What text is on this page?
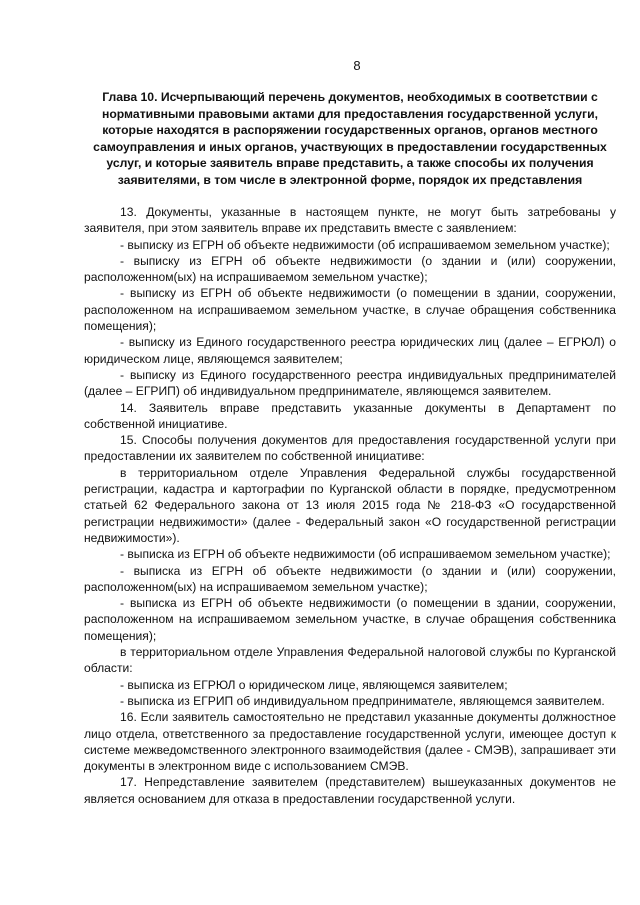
8
Глава 10. Исчерпывающий перечень документов, необходимых в соответствии с нормативными правовыми актами для предоставления государственной услуги, которые находятся в распоряжении государственных органов, органов местного самоуправления и иных органов, участвующих в предоставлении государственных услуг, и которые заявитель вправе представить, а также способы их получения заявителями, в том числе в электронной форме, порядок их представления

13. Документы, указанные в настоящем пункте, не могут быть затребованы у заявителя, при этом заявитель вправе их представить вместе с заявлением:

- выписку из ЕГРН об объекте недвижимости (об испрашиваемом земельном участке);

- выписку из ЕГРН об объекте недвижимости (о здании и (или) сооружении, расположенном(ых) на испрашиваемом земельном участке);

- выписку из ЕГРН об объекте недвижимости (о помещении в здании, сооружении, расположенном на испрашиваемом земельном участке, в случае обращения собственника помещения);

- выписку из Единого государственного реестра юридических лиц (далее – ЕГРЮЛ) о юридическом лице, являющемся заявителем;

- выписку из Единого государственного реестра индивидуальных предпринимателей (далее – ЕГРИП) об индивидуальном предпринимателе, являющемся заявителем.

14. Заявитель вправе представить указанные документы в Департамент по собственной инициативе.

15. Способы получения документов для предоставления государственной услуги при предоставлении их заявителем по собственной инициативе:

в территориальном отделе Управления Федеральной службы государственной регистрации, кадастра и картографии по Курганской области в порядке, предусмотренном статьей 62 Федерального закона от 13 июля 2015 года № 218-ФЗ «О государственной регистрации недвижимости» (далее - Федеральный закон «О государственной регистрации недвижимости»).

- выписка из ЕГРН об объекте недвижимости (об испрашиваемом земельном участке);

- выписка из ЕГРН об объекте недвижимости (о здании и (или) сооружении, расположенном(ых) на испрашиваемом земельном участке);

- выписка из ЕГРН об объекте недвижимости (о помещении в здании, сооружении, расположенном на испрашиваемом земельном участке, в случае обращения собственника помещения);

в территориальном отделе Управления Федеральной налоговой службы по Курганской области:

- выписка из ЕГРЮЛ о юридическом лице, являющемся заявителем;

- выписка из ЕГРИП об индивидуальном предпринимателе, являющемся заявителем.

16. Если заявитель самостоятельно не представил указанные документы должностное лицо отдела, ответственного за предоставление государственной услуги, имеющее доступ к системе межведомственного электронного взаимодействия (далее - СМЭВ), запрашивает эти документы в электронном виде с использованием СМЭВ.

17. Непредставление заявителем (представителем) вышеуказанных документов не является основанием для отказа в предоставлении государственной услуги.
